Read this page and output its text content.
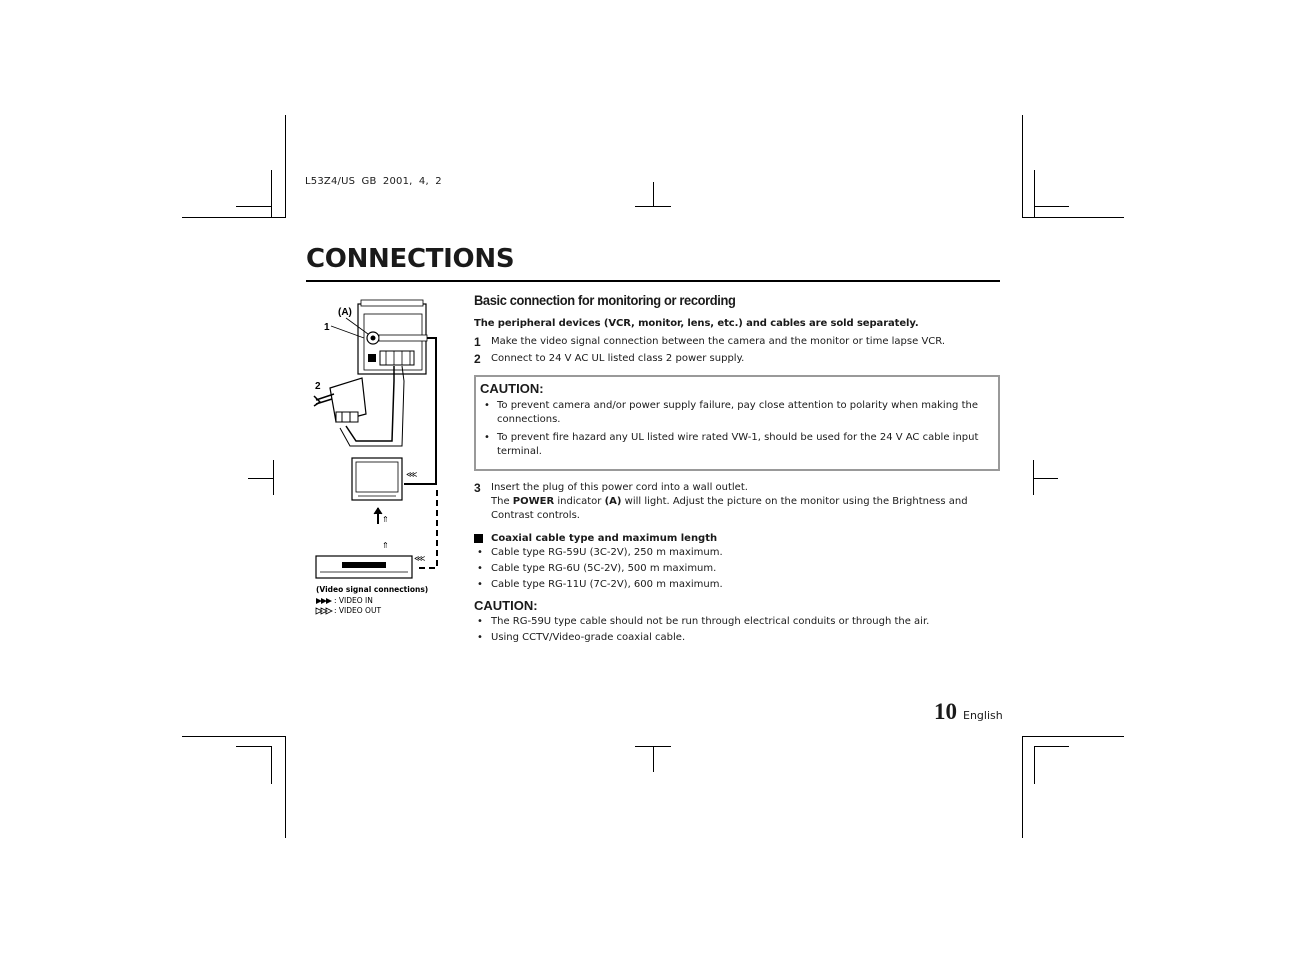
L53Z4/US GB 2001, 4, 2
CONNECTIONS
⋘
⋘
⇑
⇑
(A)
1
2
(Video signal connections)
: VIDEO IN
: VIDEO OUT
Basic connection for monitoring or recording
The peripheral devices (VCR, monitor, lens, etc.) and cables are sold separately.
1	Make the video signal connection between the camera and the monitor or time lapse VCR.
2	Connect to 24 V AC UL listed class 2 power supply.
CAUTION:
• To prevent camera and/or power supply failure, pay close attention to polarity when making the connections.
• To prevent fire hazard any UL listed wire rated VW-1, should be used for the 24 V AC cable input terminal.
3	Insert the plug of this power cord into a wall outlet.
The POWER indicator (A) will light. Adjust the picture on the monitor using the Brightness and Contrast controls.
Coaxial cable type and maximum length
• Cable type RG-59U (3C-2V), 250 m maximum.
• Cable type RG-6U (5C-2V), 500 m maximum.
• Cable type RG-11U (7C-2V), 600 m maximum.
CAUTION:
• The RG-59U type cable should not be run through electrical conduits or through the air.
• Using CCTV/Video-grade coaxial cable.
10 English
